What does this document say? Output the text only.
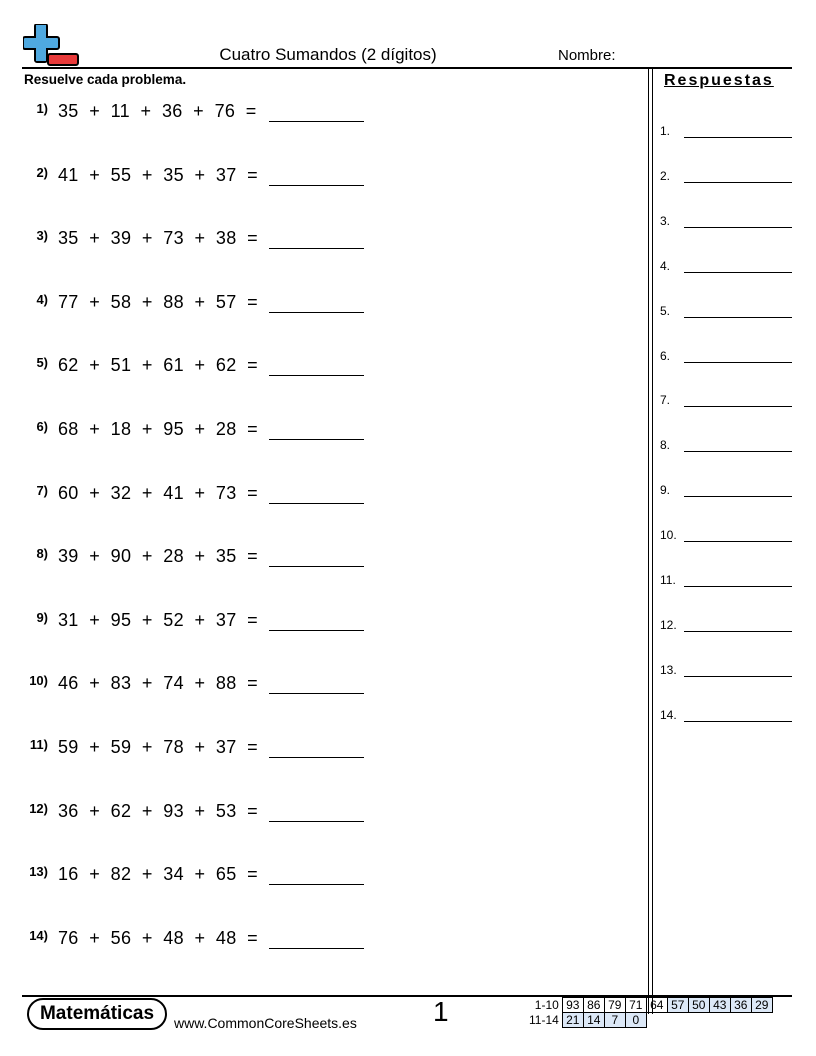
Cuatro Sumandos (2 dígitos)	Nombre:
Resuelve cada problema.	Respuestas
1) 35  +  11  +  36  +  76  =
2) 41  +  55  +  35  +  37  =
3) 35  +  39  +  73  +  38  =
4) 77  +  58  +  88  +  57  =
5) 62  +  51  +  61  +  62  =
6) 68  +  18  +  95  +  28  =
7) 60  +  32  +  41  +  73  =
8) 39  +  90  +  28  +  35  =
9) 31  +  95  +  52  +  37  =
10) 46  +  83  +  74  +  88  =
11) 59  +  59  +  78  +  37  =
12) 36  +  62  +  93  +  53  =
13) 16  +  82  +  34  +  65  =
14) 76  +  56  +  48  +  48  =
1.
2.
3.
4.
5.
6.
7.
8.
9.
10.
11.
12.
13.
14.
Matemáticas	www.CommonCoreSheets.es	1	1-10	93	86	79	71	64	57	50	43	36	29
11-14	21	14	7	0						
